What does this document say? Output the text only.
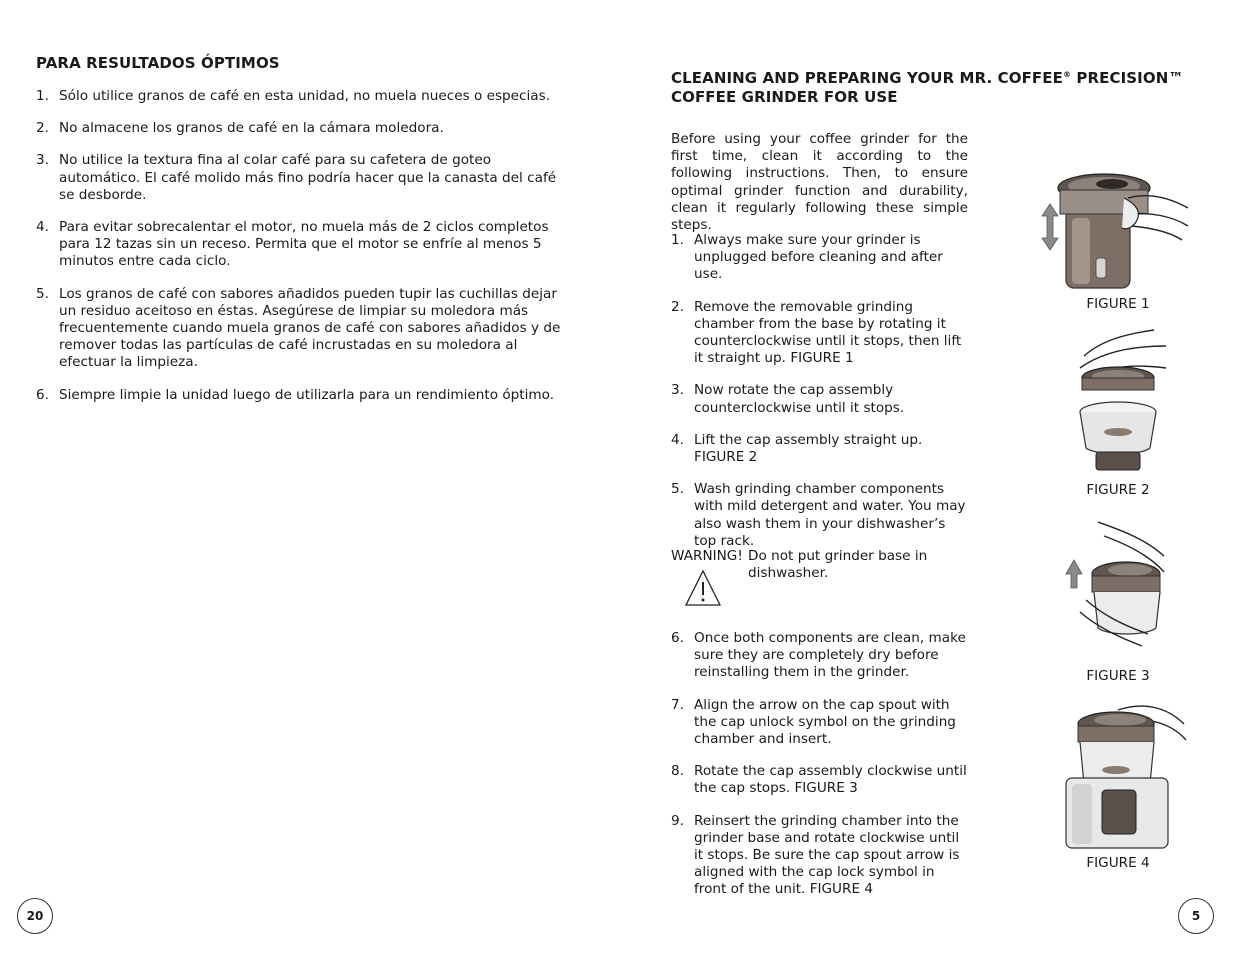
PARA RESULTADOS ÓPTIMOS
1. Sólo utilice granos de café en esta unidad, no muela nueces o especias.
2. No almacene los granos de café en la cámara moledora.
3. No utilice la textura fina al colar café para su cafetera de goteo automático. El café molido más fino podría hacer que la canasta del café se desborde.
4. Para evitar sobrecalentar el motor, no muela más de 2 ciclos completos para 12 tazas sin un receso. Permita que el motor se enfríe al menos 5 minutos entre cada ciclo.
5. Los granos de café con sabores añadidos pueden tupir las cuchillas dejar un residuo aceitoso en éstas. Asegúrese de limpiar su moledora más frecuentemente cuando muela granos de café con sabores añadidos y de remover todas las partículas de café incrustadas en su moledora al efectuar la limpieza.
6. Siempre limpie la unidad luego de utilizarla para un rendimiento óptimo.
20
CLEANING AND PREPARING YOUR MR. COFFEE® PRECISION™ COFFEE GRINDER FOR USE

Before using your coffee grinder for the first time, clean it according to the following instructions. Then, to ensure optimal grinder function and durability, clean it regularly following these simple steps.

1. Always make sure your grinder is unplugged before cleaning and after use.
2. Remove the removable grinding chamber from the base by rotating it counterclockwise until it stops, then lift it straight up. FIGURE 1
3. Now rotate the cap assembly counterclockwise until it stops.
4. Lift the cap assembly straight up. FIGURE 2
5. Wash grinding chamber components with mild detergent and water. You may also wash them in your dishwasher’s top rack.
WARNING! Do not put grinder base in dishwasher.
6. Once both components are clean, make sure they are completely dry before reinstalling them in the grinder.
7. Align the arrow on the cap spout with the cap unlock symbol on the grinding chamber and insert.
8. Rotate the cap assembly clockwise until the cap stops. FIGURE 3
9. Reinsert the grinding chamber into the grinder base and rotate clockwise until it stops. Be sure the cap spout arrow is aligned with the cap lock symbol in front of the unit. FIGURE 4
FIGURE 1
FIGURE 2
FIGURE 3
FIGURE 4
5
